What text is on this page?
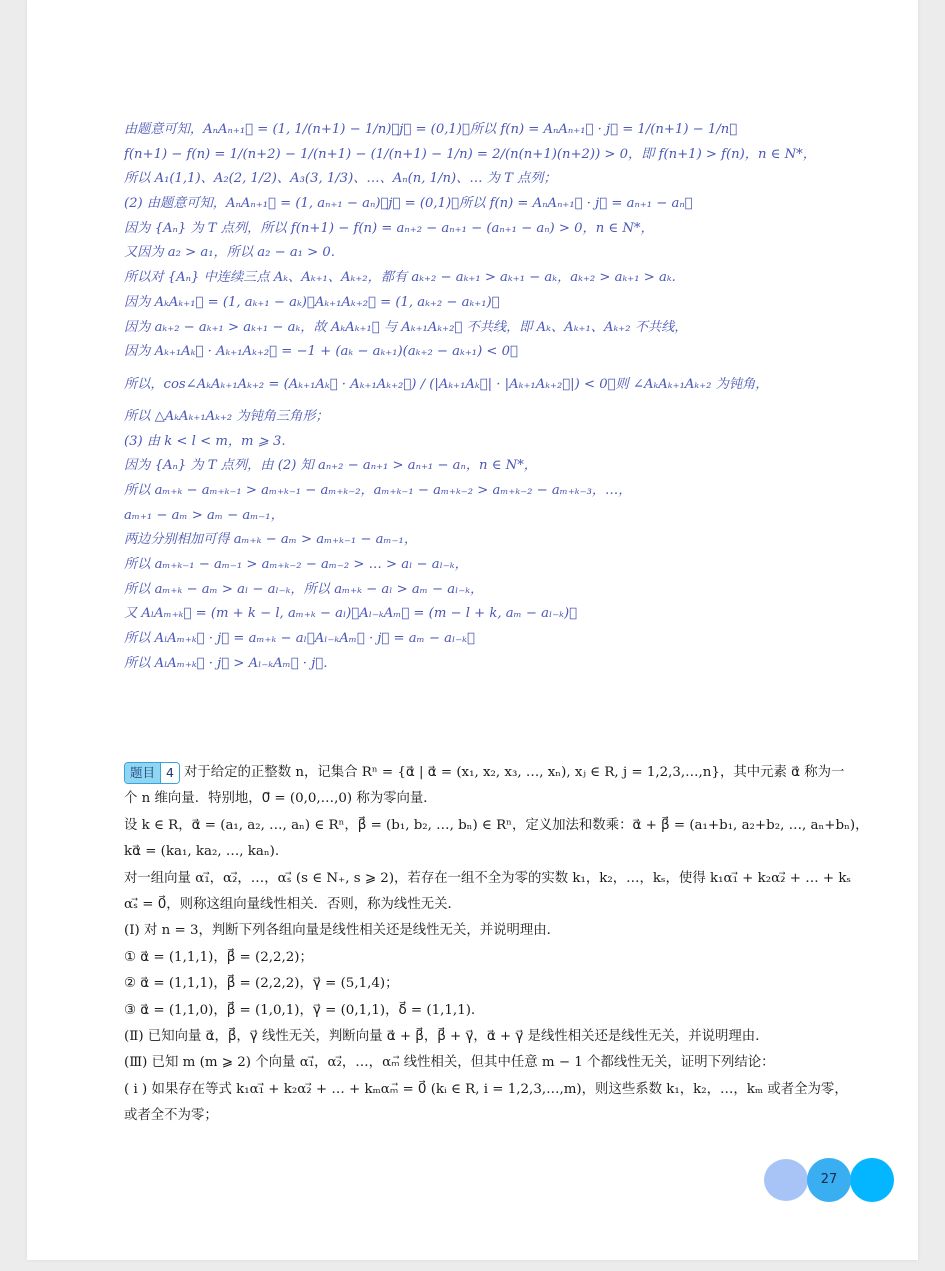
由题意可知，AₙAₙ₊₁⃗ = (1, 1/(n+1) − 1/n)，j⃗ = (0,1)，所以 f(n) = AₙAₙ₊₁⃗ · j⃗ = 1/(n+1) − 1/n，
f(n+1) − f(n) = 1/(n+2) − 1/(n+1) − (1/(n+1) − 1/n) = 2/(n(n+1)(n+2)) > 0，即 f(n+1) > f(n)，n ∈ N*，
所以 A₁(1,1)、A₂(2, 1/2)、A₃(3, 1/3)、…、Aₙ(n, 1/n)、… 为 T 点列；
(2) 由题意可知，AₙAₙ₊₁⃗ = (1, aₙ₊₁ − aₙ)，j⃗ = (0,1)，所以 f(n) = AₙAₙ₊₁⃗ · j⃗ = aₙ₊₁ − aₙ，
因为 {Aₙ} 为 T 点列，所以 f(n+1) − f(n) = aₙ₊₂ − aₙ₊₁ − (aₙ₊₁ − aₙ) > 0，n ∈ N*，
又因为 a₂ > a₁，所以 a₂ − a₁ > 0.
所以对 {Aₙ} 中连续三点 Aₖ、Aₖ₊₁、Aₖ₊₂，都有 aₖ₊₂ − aₖ₊₁ > aₖ₊₁ − aₖ，aₖ₊₂ > aₖ₊₁ > aₖ.
因为 AₖAₖ₊₁⃗ = (1, aₖ₊₁ − aₖ)，Aₖ₊₁Aₖ₊₂⃗ = (1, aₖ₊₂ − aₖ₊₁)，
因为 aₖ₊₂ − aₖ₊₁ > aₖ₊₁ − aₖ，故 AₖAₖ₊₁⃗ 与 Aₖ₊₁Aₖ₊₂⃗ 不共线，即 Aₖ、Aₖ₊₁、Aₖ₊₂ 不共线，
因为 Aₖ₊₁Aₖ⃗ · Aₖ₊₁Aₖ₊₂⃗ = −1 + (aₖ − aₖ₊₁)(aₖ₊₂ − aₖ₊₁) < 0，
所以，cos∠AₖAₖ₊₁Aₖ₊₂ = (Aₖ₊₁Aₖ⃗ · Aₖ₊₁Aₖ₊₂⃗) / (|Aₖ₊₁Aₖ⃗| · |Aₖ₊₁Aₖ₊₂⃗|) < 0，则 ∠AₖAₖ₊₁Aₖ₊₂ 为钝角，
所以 △AₖAₖ₊₁Aₖ₊₂ 为钝角三角形；
(3) 由 k < l < m，m ⩾ 3.
因为 {Aₙ} 为 T 点列，由 (2) 知 aₙ₊₂ − aₙ₊₁ > aₙ₊₁ − aₙ，n ∈ N*，
所以 aₘ₊ₖ − aₘ₊ₖ₋₁ > aₘ₊ₖ₋₁ − aₘ₊ₖ₋₂，aₘ₊ₖ₋₁ − aₘ₊ₖ₋₂ > aₘ₊ₖ₋₂ − aₘ₊ₖ₋₃，…，
aₘ₊₁ − aₘ > aₘ − aₘ₋₁，
两边分别相加可得 aₘ₊ₖ − aₘ > aₘ₊ₖ₋₁ − aₘ₋₁，
所以 aₘ₊ₖ₋₁ − aₘ₋₁ > aₘ₊ₖ₋₂ − aₘ₋₂ > … > aₗ − aₗ₋ₖ，
所以 aₘ₊ₖ − aₘ > aₗ − aₗ₋ₖ，所以 aₘ₊ₖ − aₗ > aₘ − aₗ₋ₖ，
又 AₗAₘ₊ₖ⃗ = (m + k − l, aₘ₊ₖ − aₗ)，Aₗ₋ₖAₘ⃗ = (m − l + k, aₘ − aₗ₋ₖ)，
所以 AₗAₘ₊ₖ⃗ · j⃗ = aₘ₊ₖ − aₗ，Aₗ₋ₖAₘ⃗ · j⃗ = aₘ − aₗ₋ₖ，
所以 AₗAₘ₊ₖ⃗ · j⃗ > Aₗ₋ₖAₘ⃗ · j⃗.
题目 4 对于给定的正整数 n，记集合 Rⁿ = {α⃗ | α⃗ = (x₁, x₂, x₃, …, xₙ), xⱼ ∈ R, j = 1,2,3,…,n}，其中元素 α⃗ 称为一
个 n 维向量．特别地，0⃗ = (0,0,…,0) 称为零向量．
设 k ∈ R，α⃗ = (a₁, a₂, …, aₙ) ∈ Rⁿ，β⃗ = (b₁, b₂, …, bₙ) ∈ Rⁿ，定义加法和数乘：α⃗ + β⃗ = (a₁+b₁, a₂+b₂, …, aₙ+bₙ)，
kα⃗ = (ka₁, ka₂, …, kaₙ).
对一组向量 α₁⃗，α₂⃗，…，αₛ⃗ (s ∈ N₊, s ⩾ 2)，若存在一组不全为零的实数 k₁，k₂，…，kₛ，使得 k₁α₁⃗ + k₂α₂⃗ + … + kₛ
αₛ⃗ = 0⃗，则称这组向量线性相关．否则，称为线性无关．
(Ⅰ) 对 n = 3，判断下列各组向量是线性相关还是线性无关，并说明理由．
① α⃗ = (1,1,1)，β⃗ = (2,2,2)；
② α⃗ = (1,1,1)，β⃗ = (2,2,2)，γ⃗ = (5,1,4)；
③ α⃗ = (1,1,0)，β⃗ = (1,0,1)，γ⃗ = (0,1,1)，δ⃗ = (1,1,1).
(Ⅱ) 已知向量 α⃗，β⃗，γ⃗ 线性无关，判断向量 α⃗ + β⃗，β⃗ + γ⃗，α⃗ + γ⃗ 是线性相关还是线性无关，并说明理由．
(Ⅲ) 已知 m (m ⩾ 2) 个向量 α₁⃗，α₂⃗，…，αₘ⃗ 线性相关，但其中任意 m − 1 个都线性无关，证明下列结论：
( i ) 如果存在等式 k₁α₁⃗ + k₂α₂⃗ + … + kₘαₘ⃗ = 0⃗ (kᵢ ∈ R, i = 1,2,3,…,m)，则这些系数 k₁，k₂，…，kₘ 或者全为零，
或者全不为零；
27
